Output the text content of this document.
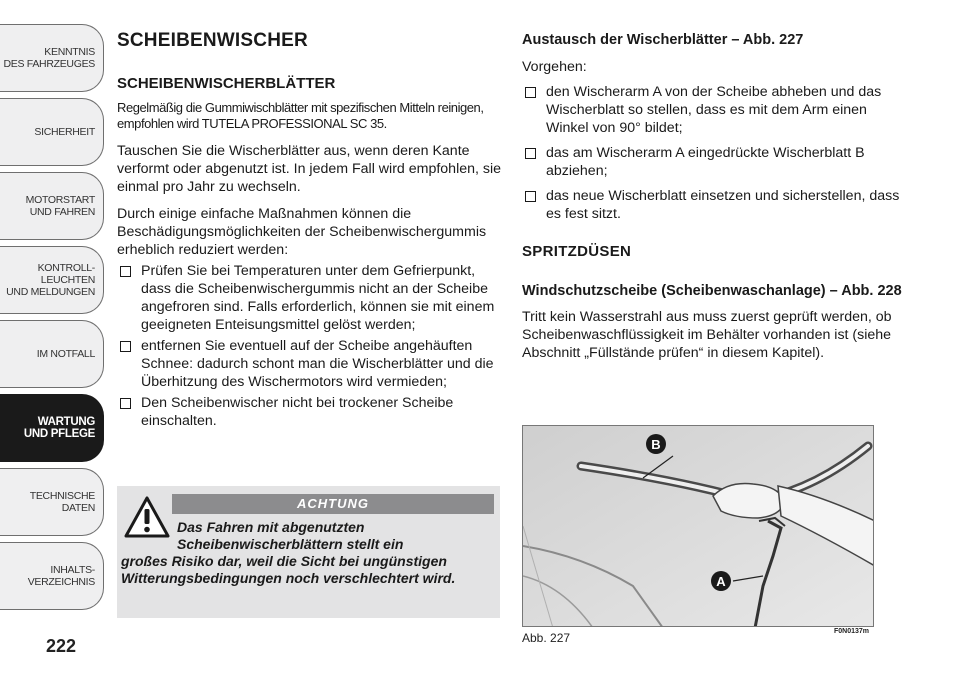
KENNTNIS
DES FAHRZEUGES
SICHERHEIT
MOTORSTART
UND FAHREN
KONTROLL-
LEUCHTEN
UND MELDUNGEN
IM NOTFALL
WARTUNG
UND PFLEGE
TECHNISCHE
DATEN
INHALTS-
VERZEICHNIS
222
SCHEIBENWISCHER
SCHEIBENWISCHERBLÄTTER
Regelmäßig die Gummiwischblätter mit spezifischen Mitteln reinigen, empfohlen wird TUTELA PROFESSIONAL SC 35.

Tauschen Sie die Wischerblätter aus, wenn deren Kante verformt oder abgenutzt ist. In jedem Fall wird empfohlen, sie einmal pro Jahr zu wechseln.

Durch einige einfache Maßnahmen können die Beschädigungsmöglichkeiten der Scheibenwischergummis erheblich reduziert werden:

Prüfen Sie bei Temperaturen unter dem Gefrierpunkt, dass die Scheibenwischergummis nicht an der Scheibe angefroren sind. Falls erforderlich, können sie mit einem geeigneten Enteisungsmittel gelöst werden;
entfernen Sie eventuell auf der Scheibe angehäuften Schnee: dadurch schont man die Wischerblätter und die Überhitzung des Wischermotors wird vermieden;
Den Scheibenwischer nicht bei trockener Scheibe einschalten.
ACHTUNG
Das Fahren mit abgenutzten
Scheibenwischerblättern stellt ein
großes Risiko dar, weil die Sicht bei ungünstigen Witterungsbedingungen noch verschlechtert wird.
Austausch der Wischerblätter – Abb. 227

Vorgehen:

den Wischerarm A von der Scheibe abheben und das Wischerblatt so stellen, dass es mit dem Arm einen Winkel von 90° bildet;
das am Wischerarm A eingedrückte Wischerblatt B abziehen;
das neue Wischerblatt einsetzen und sicherstellen, dass es fest sitzt.
SPRITZDÜSEN
Windschutzscheibe (Scheibenwaschanlage) – Abb. 228

Tritt kein Wasserstrahl aus muss zuerst geprüft werden, ob Scheibenwaschflüssigkeit im Behälter vorhanden ist (siehe Abschnitt „Füllstände prüfen“ in diesem Kapitel).

B
A
Abb. 227	F0N0137m
